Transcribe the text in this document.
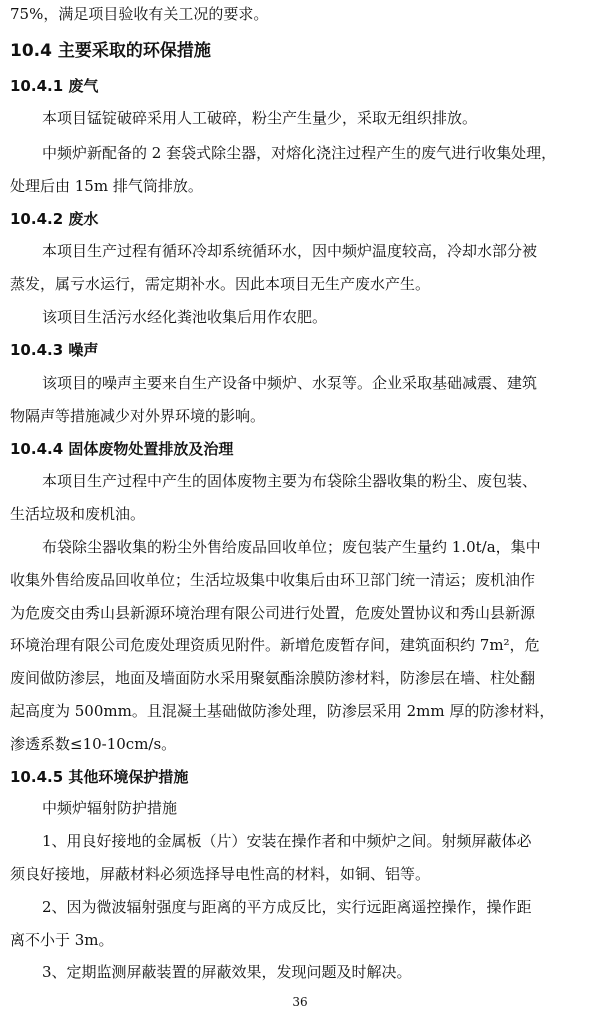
75%，满足项目验收有关工况的要求。
10.4 主要采取的环保措施
10.4.1 废气
本项目锰锭破碎采用人工破碎，粉尘产生量少，采取无组织排放。
中频炉新配备的 2 套袋式除尘器，对熔化浇注过程产生的废气进行收集处理，
处理后由 15m 排气筒排放。
10.4.2 废水
本项目生产过程有循环冷却系统循环水，因中频炉温度较高，冷却水部分被
蒸发，属亏水运行，需定期补水。因此本项目无生产废水产生。
该项目生活污水经化粪池收集后用作农肥。
10.4.3 噪声
该项目的噪声主要来自生产设备中频炉、水泵等。企业采取基础减震、建筑
物隔声等措施减少对外界环境的影响。
10.4.4 固体废物处置排放及治理
本项目生产过程中产生的固体废物主要为布袋除尘器收集的粉尘、废包装、
生活垃圾和废机油。
布袋除尘器收集的粉尘外售给废品回收单位；废包装产生量约 1.0t/a，集中
收集外售给废品回收单位；生活垃圾集中收集后由环卫部门统一清运；废机油作
为危废交由秀山县新源环境治理有限公司进行处置，危废处置协议和秀山县新源
环境治理有限公司危废处理资质见附件。新增危废暂存间，建筑面积约 7m²，危
废间做防渗层，地面及墙面防水采用聚氨酯涂膜防渗材料，防渗层在墙、柱处翻
起高度为 500mm。且混凝土基础做防渗处理，防渗层采用 2mm 厚的防渗材料，
渗透系数≤10-10cm/s。
10.4.5 其他环境保护措施
中频炉辐射防护措施
1、用良好接地的金属板（片）安装在操作者和中频炉之间。射频屏蔽体必
须良好接地，屏蔽材料必须选择导电性高的材料，如铜、铝等。
2、因为微波辐射强度与距离的平方成反比，实行远距离遥控操作，操作距
离不小于 3m。
3、定期监测屏蔽装置的屏蔽效果，发现问题及时解决。
36
